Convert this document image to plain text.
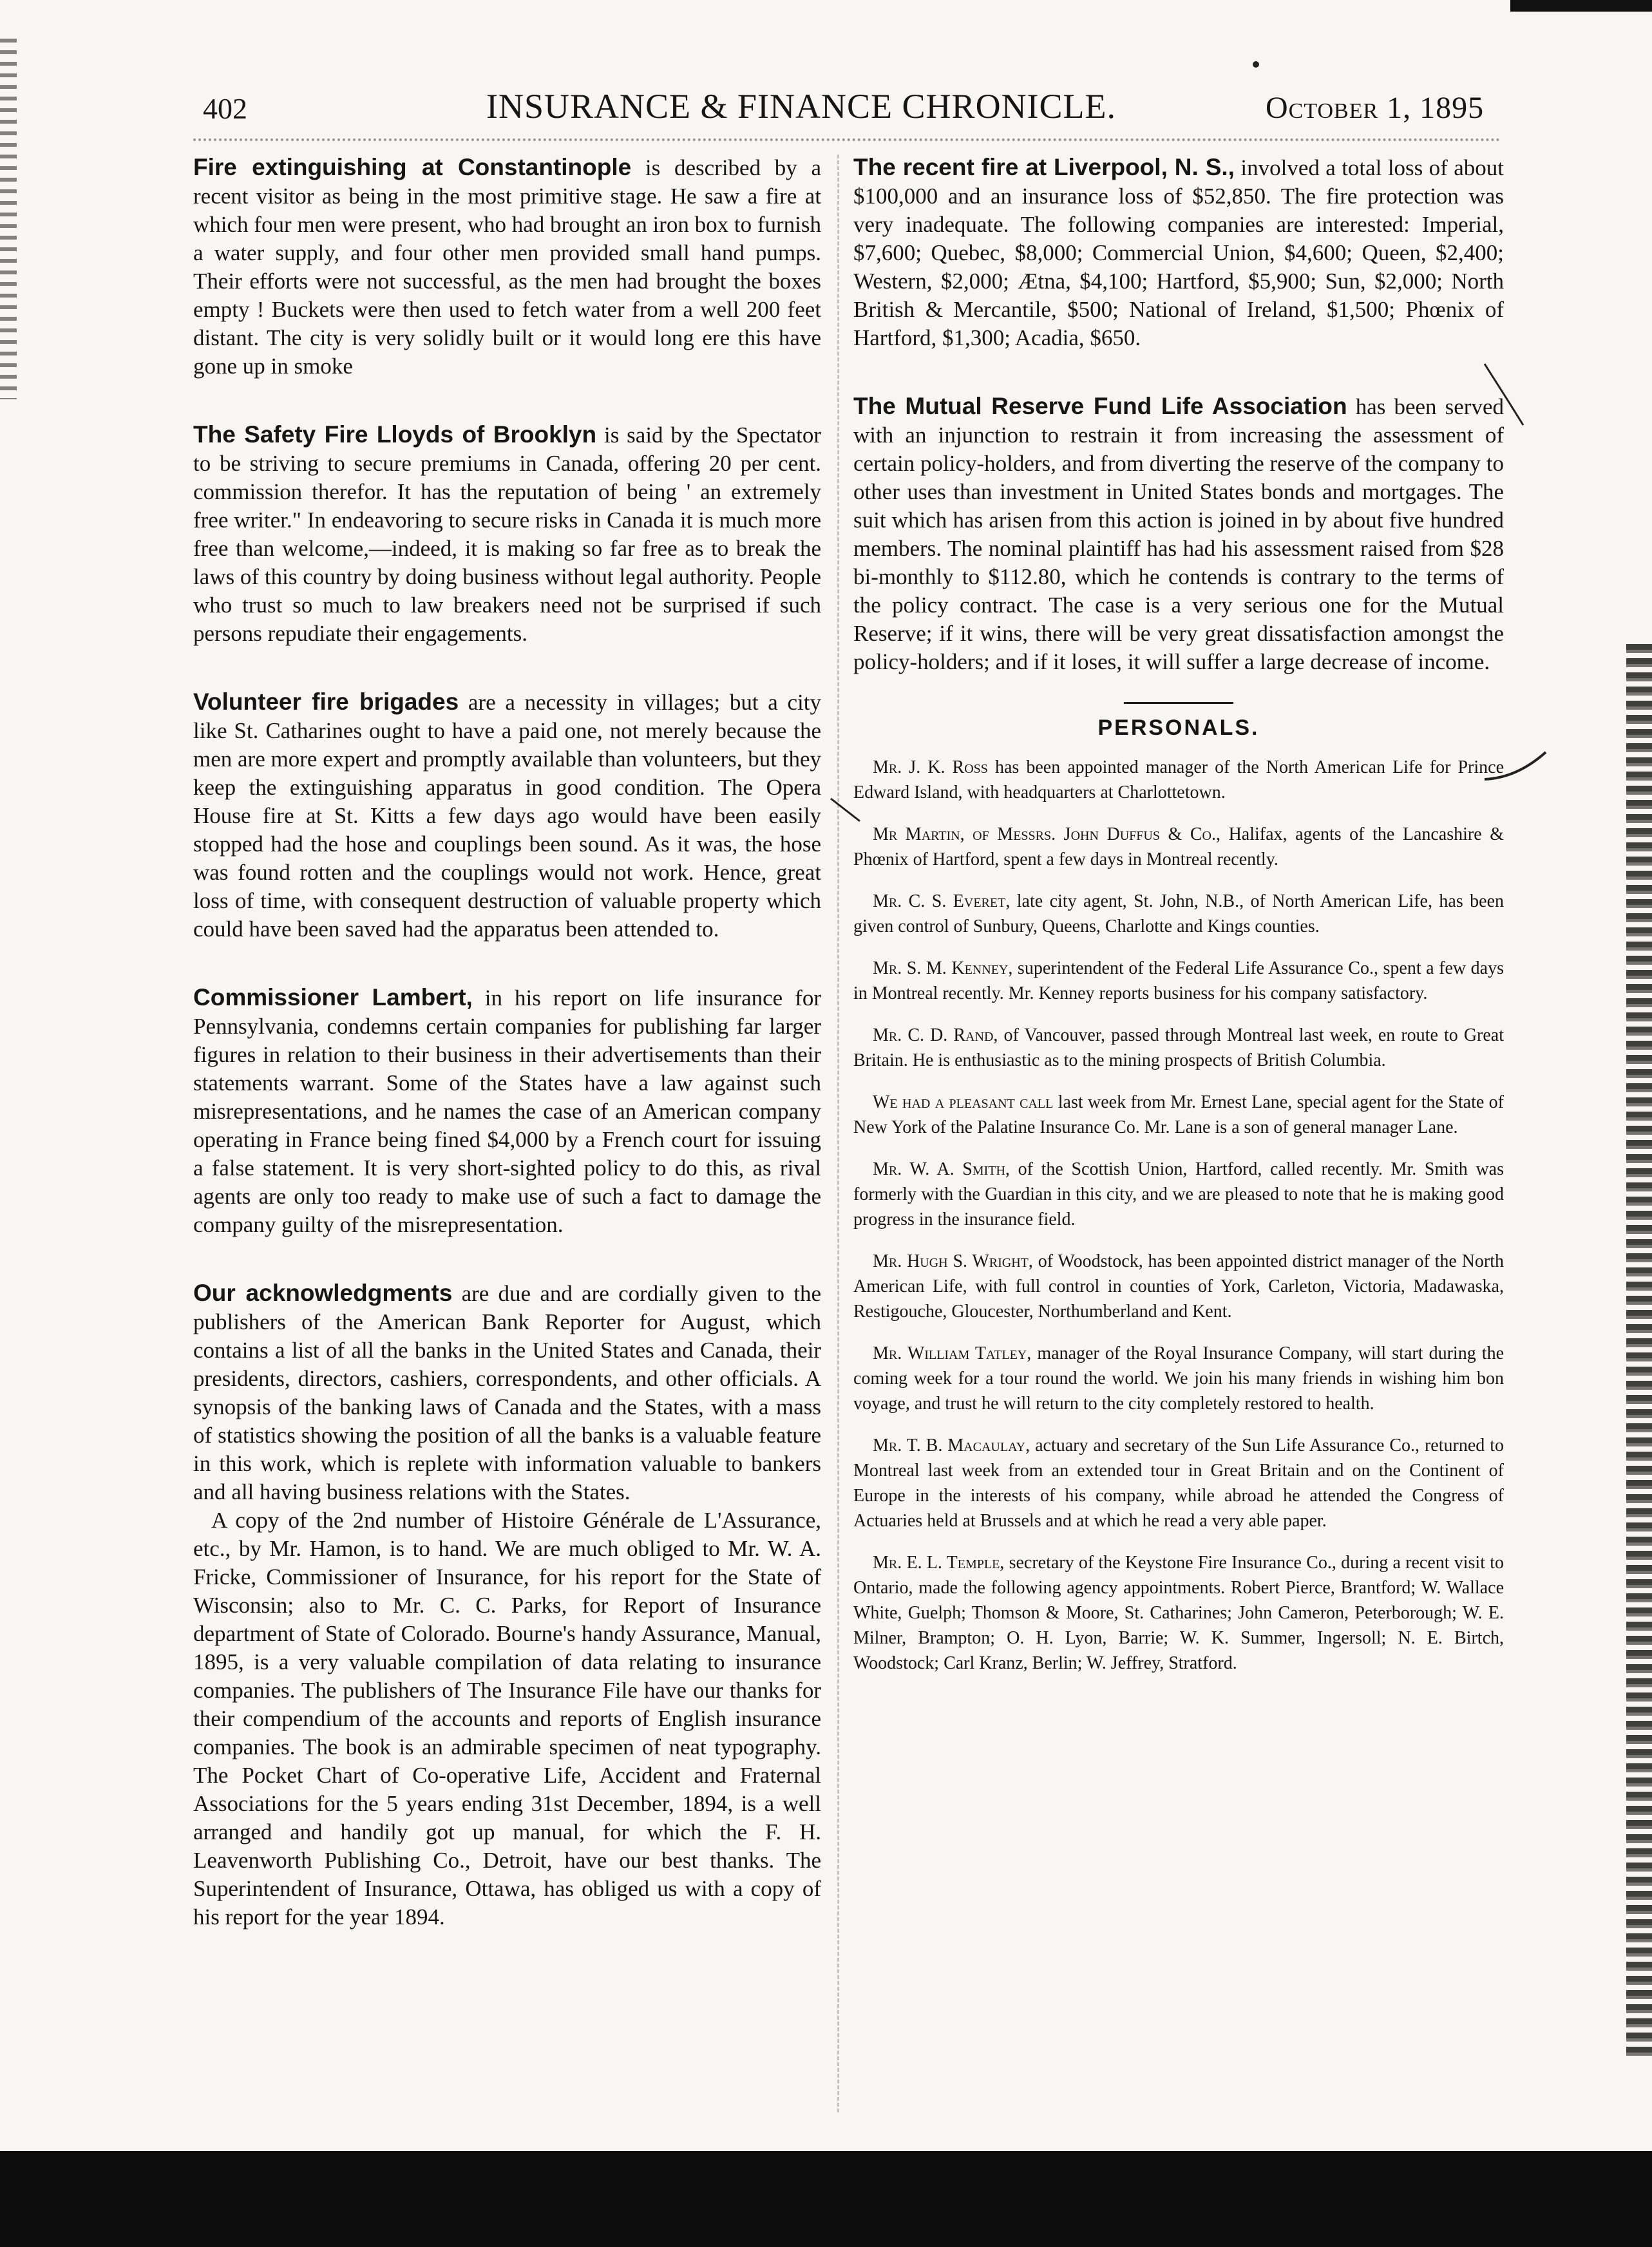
402	INSURANCE & FINANCE CHRONICLE.	October 1, 1895

Fire extinguishing at Constantinople is described by a recent visitor as being in the most primitive stage. He saw a fire at which four men were present, who had brought an iron box to furnish a water supply, and four other men provided small hand pumps. Their efforts were not successful, as the men had brought the boxes empty ! Buckets were then used to fetch water from a well 200 feet distant. The city is very solidly built or it would long ere this have gone up in smoke

The Safety Fire Lloyds of Brooklyn is said by the Spectator to be striving to secure premiums in Canada, offering 20 per cent. commission therefor. It has the reputation of being ' an extremely free writer." In endeavoring to secure risks in Canada it is much more free than welcome,—indeed, it is making so far free as to break the laws of this country by doing business without legal authority. People who trust so much to law breakers need not be surprised if such persons repudiate their engagements.

Volunteer fire brigades are a necessity in villages; but a city like St. Catharines ought to have a paid one, not merely because the men are more expert and promptly available than volunteers, but they keep the extinguishing apparatus in good condition. The Opera House fire at St. Kitts a few days ago would have been easily stopped had the hose and couplings been sound. As it was, the hose was found rotten and the couplings would not work. Hence, great loss of time, with consequent destruction of valuable property which could have been saved had the apparatus been attended to.

Commissioner Lambert, in his report on life insurance for Pennsylvania, condemns certain companies for publishing far larger figures in relation to their business in their advertisements than their statements warrant. Some of the States have a law against such misrepresentations, and he names the case of an American company operating in France being fined $4,000 by a French court for issuing a false statement. It is very short-sighted policy to do this, as rival agents are only too ready to make use of such a fact to damage the company guilty of the misrepresentation.

Our acknowledgments are due and are cordially given to the publishers of the American Bank Reporter for August, which contains a list of all the banks in the United States and Canada, their presidents, directors, cashiers, correspondents, and other officials. A synopsis of the banking laws of Canada and the States, with a mass of statistics showing the position of all the banks is a valuable feature in this work, which is replete with information valuable to bankers and all having business relations with the States.

A copy of the 2nd number of Histoire Générale de L'Assurance, etc., by Mr. Hamon, is to hand. We are much obliged to Mr. W. A. Fricke, Commissioner of Insurance, for his report for the State of Wisconsin; also to Mr. C. C. Parks, for Report of Insurance department of State of Colorado. Bourne's handy Assurance, Manual, 1895, is a very valuable compilation of data relating to insurance companies. The publishers of The Insurance File have our thanks for their compendium of the accounts and reports of English insurance companies. The book is an admirable specimen of neat typography. The Pocket Chart of Co-operative Life, Accident and Fraternal Associations for the 5 years ending 31st December, 1894, is a well arranged and handily got up manual, for which the F. H. Leavenworth Publishing Co., Detroit, have our best thanks. The Superintendent of Insurance, Ottawa, has obliged us with a copy of his report for the year 1894.

The recent fire at Liverpool, N. S., involved a total loss of about $100,000 and an insurance loss of $52,850. The fire protection was very inadequate. The following companies are interested: Imperial, $7,600; Quebec, $8,000; Commercial Union, $4,600; Queen, $2,400; Western, $2,000; Ætna, $4,100; Hartford, $5,900; Sun, $2,000; North British & Mercantile, $500; National of Ireland, $1,500; Phœnix of Hartford, $1,300; Acadia, $650.

The Mutual Reserve Fund Life Association has been served with an injunction to restrain it from increasing the assessment of certain policy-holders, and from diverting the reserve of the company to other uses than investment in United States bonds and mortgages. The suit which has arisen from this action is joined in by about five hundred members. The nominal plaintiff has had his assessment raised from $28 bi-monthly to $112.80, which he contends is contrary to the terms of the policy contract. The case is a very serious one for the Mutual Reserve; if it wins, there will be very great dissatisfaction amongst the policy-holders; and if it loses, it will suffer a large decrease of income.

PERSONALS.
Mr. J. K. Ross has been appointed manager of the North American Life for Prince Edward Island, with headquarters at Charlottetown.
Mr Martin, of Messrs. John Duffus & Co., Halifax, agents of the Lancashire & Phœnix of Hartford, spent a few days in Montreal recently.
Mr. C. S. Everet, late city agent, St. John, N.B., of North American Life, has been given control of Sunbury, Queens, Charlotte and Kings counties.
Mr. S. M. Kenney, superintendent of the Federal Life Assurance Co., spent a few days in Montreal recently. Mr. Kenney reports business for his company satisfactory.
Mr. C. D. Rand, of Vancouver, passed through Montreal last week, en route to Great Britain. He is enthusiastic as to the mining prospects of British Columbia.
We had a pleasant call last week from Mr. Ernest Lane, special agent for the State of New York of the Palatine Insurance Co. Mr. Lane is a son of general manager Lane.
Mr. W. A. Smith, of the Scottish Union, Hartford, called recently. Mr. Smith was formerly with the Guardian in this city, and we are pleased to note that he is making good progress in the insurance field.
Mr. Hugh S. Wright, of Woodstock, has been appointed district manager of the North American Life, with full control in counties of York, Carleton, Victoria, Madawaska, Restigouche, Gloucester, Northumberland and Kent.
Mr. William Tatley, manager of the Royal Insurance Company, will start during the coming week for a tour round the world. We join his many friends in wishing him bon voyage, and trust he will return to the city completely restored to health.
Mr. T. B. Macaulay, actuary and secretary of the Sun Life Assurance Co., returned to Montreal last week from an extended tour in Great Britain and on the Continent of Europe in the interests of his company, while abroad he attended the Congress of Actuaries held at Brussels and at which he read a very able paper.
Mr. E. L. Temple, secretary of the Keystone Fire Insurance Co., during a recent visit to Ontario, made the following agency appointments. Robert Pierce, Brantford; W. Wallace White, Guelph; Thomson & Moore, St. Catharines; John Cameron, Peterborough; W. E. Milner, Brampton; O. H. Lyon, Barrie; W. K. Summer, Ingersoll; N. E. Birtch, Woodstock; Carl Kranz, Berlin; W. Jeffrey, Stratford.
